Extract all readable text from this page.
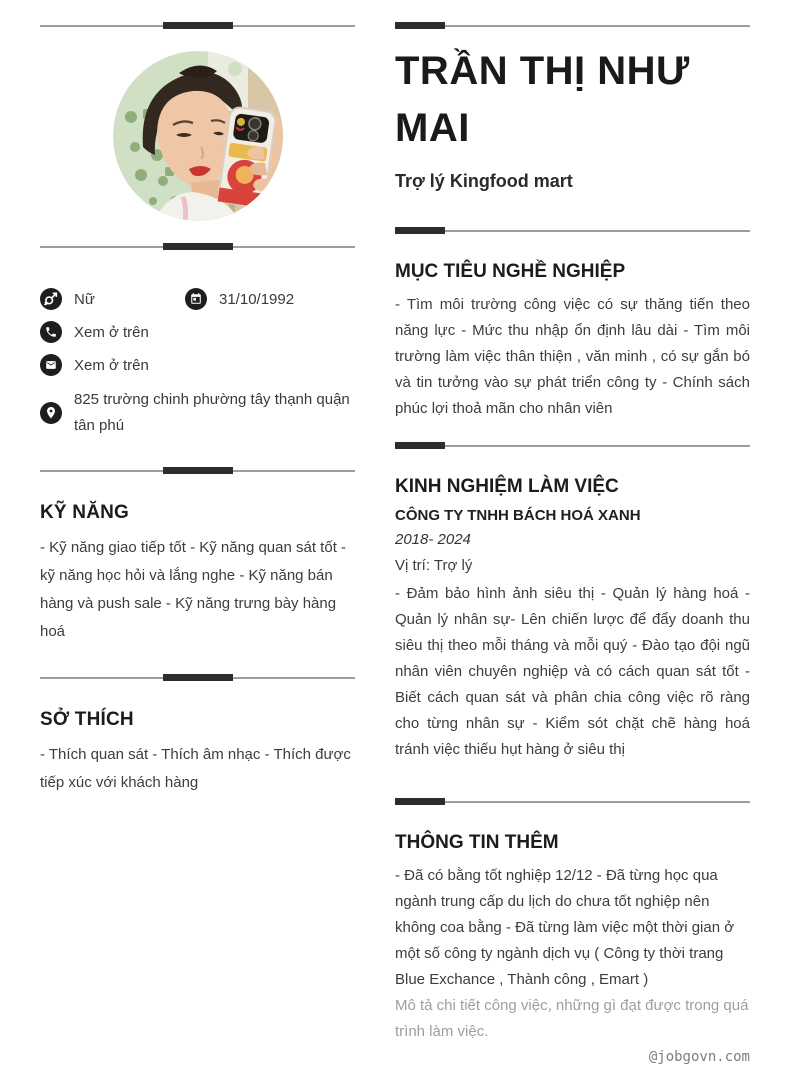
Nữ	31/10/1992
Xem ở trên
Xem ở trên
825 trường chinh phường tây thạnh quận tân phú
KỸ NĂNG

- Kỹ năng giao tiếp tốt - Kỹ năng quan sát tốt - kỹ năng học hỏi và lắng nghe - Kỹ năng bán hàng và push sale - Kỹ năng trưng bày hàng hoá

SỞ THÍCH

- Thích quan sát - Thích âm nhạc - Thích được tiếp xúc với khách hàng

TRẦN THỊ NHƯ MAI
Trợ lý Kingfood mart
MỤC TIÊU NGHỀ NGHIỆP

- Tìm môi trường công việc có sự thăng tiến theo năng lực - Mức thu nhập ổn định lâu dài - Tìm môi trường làm việc thân thiện , văn minh , có sự gắn bó và tin tưởng vào sự phát triển công ty - Chính sách phúc lợi thoả mãn cho nhân viên

KINH NGHIỆM LÀM VIỆC
CÔNG TY TNHH BÁCH HOÁ XANH
2018- 2024
Vị trí: Trợ lý

- Đảm bảo hình ảnh siêu thị - Quản lý hàng hoá - Quản lý nhân sự- Lên chiến lược để đẩy doanh thu siêu thị theo mỗi tháng và mỗi quý - Đào tạo đội ngũ nhân viên chuyên nghiệp và có cách quan sát tốt - Biết cách quan sát và phân chia công việc rõ ràng cho từng nhân sự - Kiểm sót chặt chẽ hàng hoá tránh việc thiếu hụt hàng ở siêu thị

THÔNG TIN THÊM

- Đã có bằng tốt nghiệp 12/12 - Đã từng học qua ngành trung cấp du lịch do chưa tốt nghiệp nên không coa bằng - Đã từng làm việc một thời gian ở một số công ty ngành dịch vụ ( Công ty thời trang Blue Exchance , Thành công , Emart )

Mô tả chi tiết công việc, những gì đạt được trong quá trình làm việc.

@jobgovn.com
